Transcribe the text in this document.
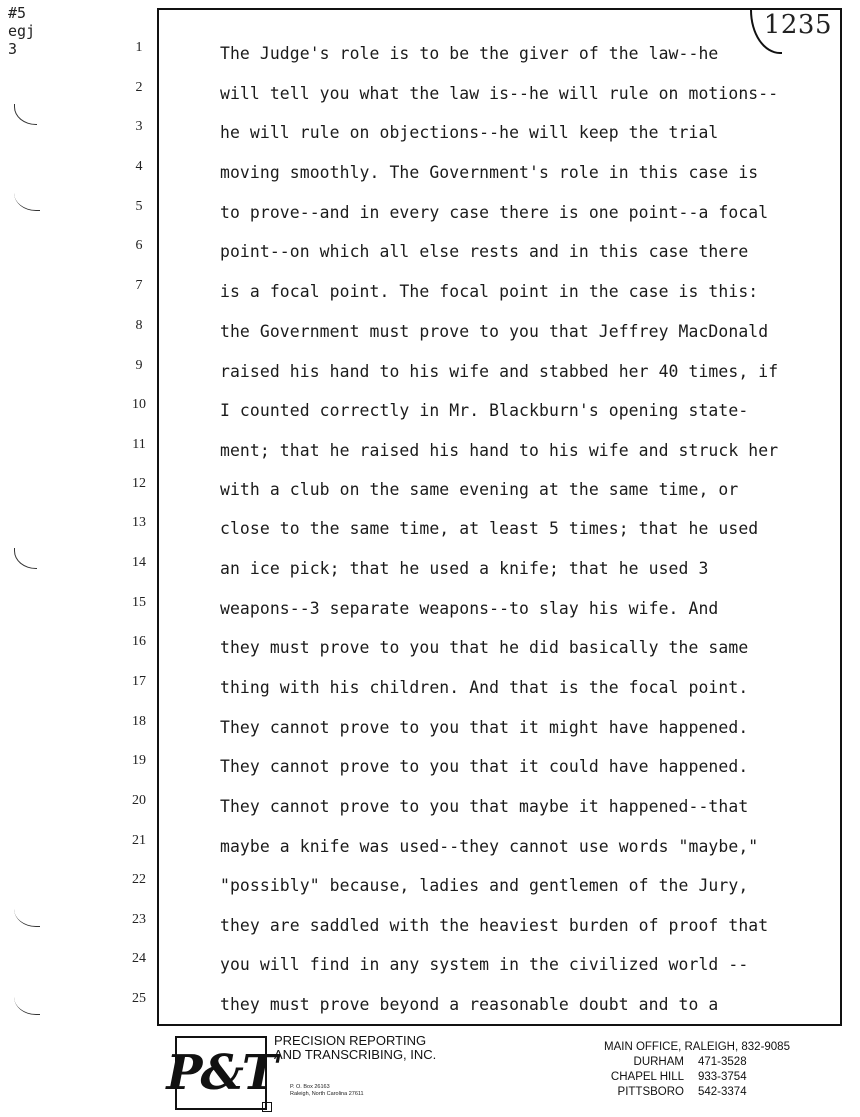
#5
egj
3
1235
1
2
3
4
5
6
7
8
9
10
11
12
13
14
15
16
17
18
19
20
21
22
23
24
25
The Judge's role is to be the giver of the law--he
will tell you what the law is--he will rule on motions--
he will rule on objections--he will keep the trial
moving smoothly. The Government's role in this case is
to prove--and in every case there is one point--a focal
point--on which all else rests and in this case there
is a focal point. The focal point in the case is this:
the Government must prove to you that Jeffrey MacDonald
raised his hand to his wife and stabbed her 40 times, if
I counted correctly in Mr. Blackburn's opening state-
ment; that he raised his hand to his wife and struck her
with a club on the same evening at the same time, or
close to the same time, at least 5 times; that he used
an ice pick; that he used a knife; that he used 3
weapons--3 separate weapons--to slay his wife. And
they must prove to you that he did basically the same
thing with his children. And that is the focal point.
They cannot prove to you that it might have happened.
They cannot prove to you that it could have happened.
They cannot prove to you that maybe it happened--that
maybe a knife was used--they cannot use words "maybe,"
"possibly" because, ladies and gentlemen of the Jury,
they are saddled with the heaviest burden of proof that
you will find in any system in the civilized world --
they must prove beyond a reasonable doubt and to a
P&T
PRECISION REPORTING
AND TRANSCRIBING, INC.
P. O. Box 26163
Raleigh, North Carolina 27611
MAIN OFFICE, RALEIGH, 832-9085
DURHAM	471-3528
CHAPEL HILL	933-3754
PITTSBORO	542-3374
